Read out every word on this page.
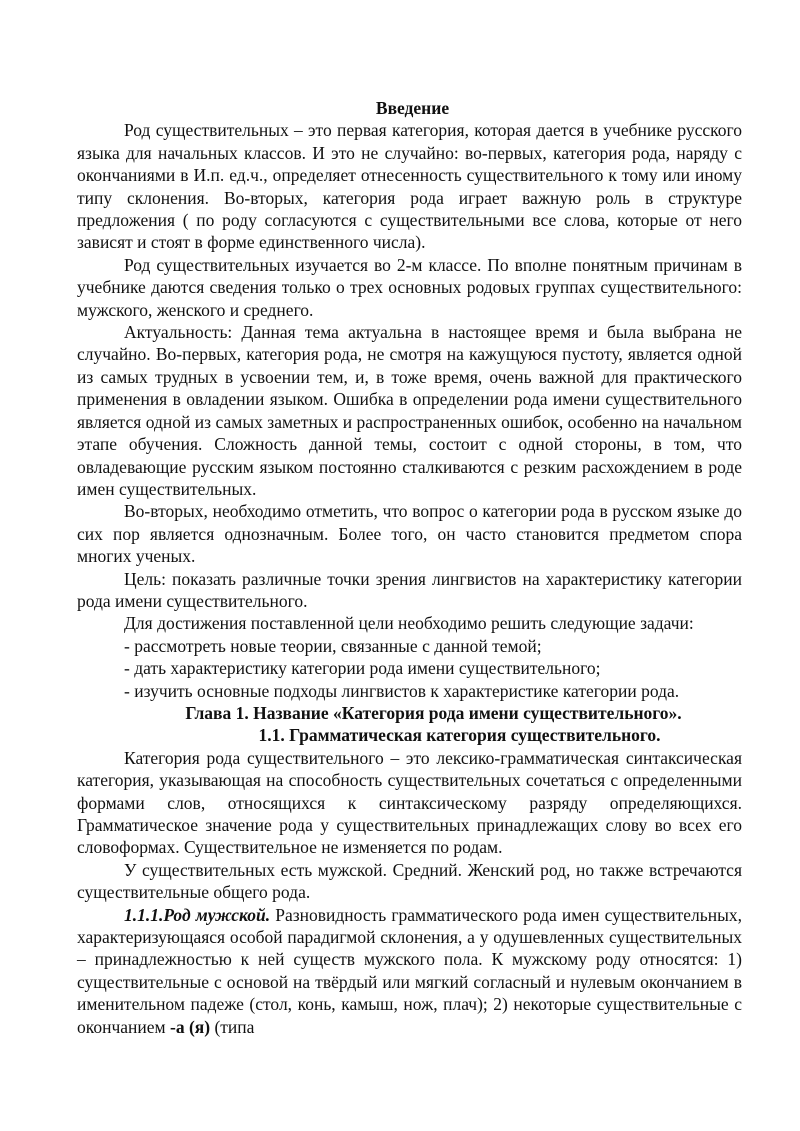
Введение

Род существительных – это первая категория, которая дается в учебнике русского языка для начальных классов. И это не случайно: во-первых, категория рода, наряду с окончаниями в И.п. ед.ч., определяет отнесенность существительного к тому или иному типу склонения. Во-вторых, категория рода играет важную роль в структуре предложения ( по роду согласуются с существительными все слова, которые от него зависят и стоят в форме единственного числа).

Род существительных изучается во 2-м классе. По вполне понятным причинам в учебнике даются сведения только о трех основных родовых группах существительного: мужского, женского и среднего.

Актуальность: Данная тема актуальна в настоящее время и была выбрана не случайно. Во-первых, категория рода, не смотря на кажущуюся пустоту, является одной из самых трудных в усвоении тем, и, в тоже время, очень важной для практического применения в овладении языком. Ошибка в определении рода имени существительного является одной из самых заметных и распространенных ошибок, особенно на начальном этапе обучения. Сложность данной темы, состоит с одной стороны, в том, что овладевающие русским языком постоянно сталкиваются с резким расхождением в роде имен существительных.

Во-вторых, необходимо отметить, что вопрос о категории рода в русском языке до сих пор является однозначным. Более того, он часто становится предметом спора многих ученых.

Цель: показать различные точки зрения лингвистов на характеристику категории рода имени существительного.

Для достижения поставленной цели необходимо решить следующие задачи:

- рассмотреть новые теории, связанные с данной темой;

- дать характеристику категории рода имени существительного;

- изучить основные подходы лингвистов к характеристике категории рода.

Глава 1. Название «Категория рода имени существительного».
1.1. Грамматическая категория существительного.

Категория рода существительного – это лексико-грамматическая синтаксическая категория, указывающая на способность существительных сочетаться с определенными формами слов, относящихся к синтаксическому разряду определяющихся. Грамматическое значение рода у существительных принадлежащих слову во всех его словоформах. Существительное не изменяется по родам.

У существительных есть мужской. Средний. Женский род, но также встречаются существительные общего рода.

1.1.1.Род мужской. Разновидность грамматического рода имен существительных, характеризующаяся особой парадигмой склонения, а у одушевленных существительных – принадлежностью к ней существ мужского пола. К мужскому роду относятся: 1) существительные с основой на твёрдый или мягкий согласный и нулевым окончанием в именительном падеже (стол, конь, камыш, нож, плач); 2) некоторые существительные с окончанием -а (я) (типа
